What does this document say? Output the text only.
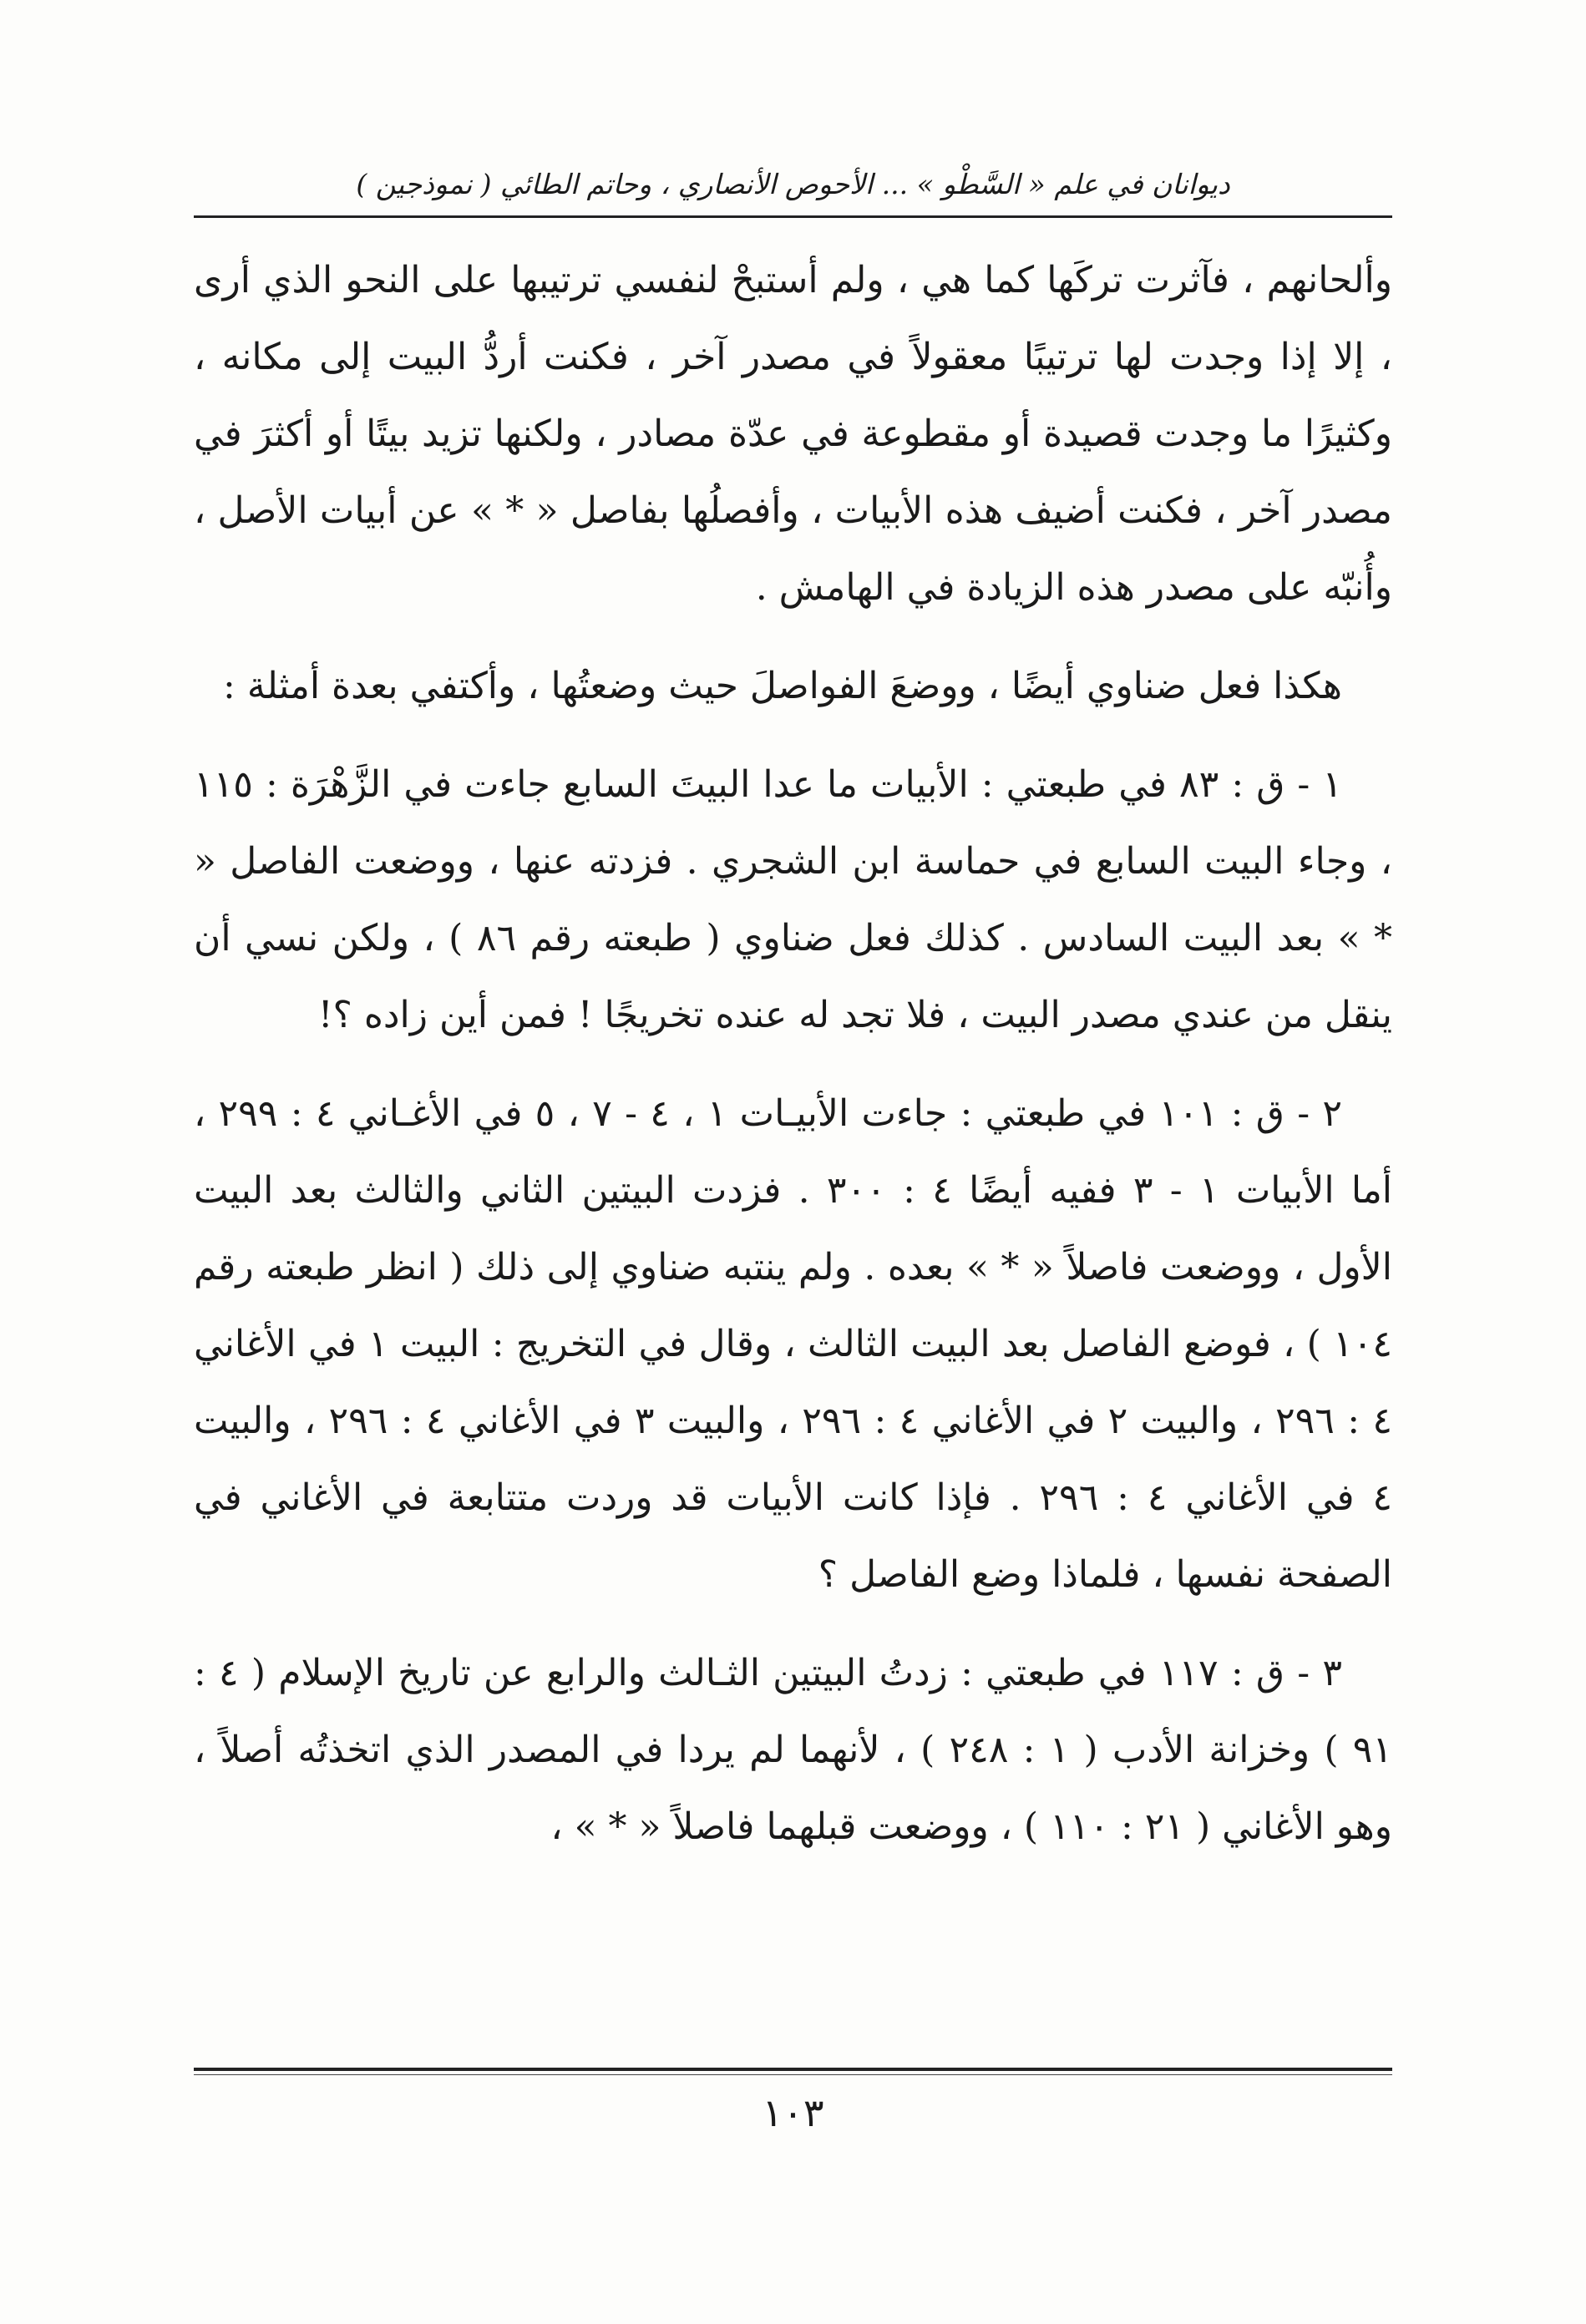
ديوانان في علم « السَّطْو » ... الأحوص الأنصاري ، وحاتم الطائي ( نموذجين )

وألحانهم ، فآثرت تركَها كما هي ، ولم أستبحْ لنفسي ترتيبها على النحو الذي أرى ، إلا إذا وجدت لها ترتيبًا معقولاً في مصدر آخر ، فكنت أردُّ البيت إلى مكانه ، وكثيرًا ما وجدت قصيدة أو مقطوعة في عدّة مصادر ، ولكنها تزيد بيتًا أو أكثرَ في مصدر آخر ، فكنت أضيف هذه الأبيات ، وأفصلُها بفاصل « * » عن أبيات الأصل ، وأُنبّه على مصدر هذه الزيادة في الهامش .

هكذا فعل ضناوي أيضًا ، ووضعَ الفواصلَ حيث وضعتُها ، وأكتفي بعدة أمثلة :

١ - ق : ٨٣ في طبعتي : الأبيات ما عدا البيتَ السابع جاءت في الزَّهْرَة : ١١٥ ، وجاء البيت السابع في حماسة ابن الشجري . فزدته عنها ، ووضعت الفاصل « * » بعد البيت السادس . كذلك فعل ضناوي ( طبعته رقم ٨٦ ) ، ولكن نسي أن ينقل من عندي مصدر البيت ، فلا تجد له عنده تخريجًا ! فمن أين زاده ؟!

٢ - ق : ١٠١ في طبعتي : جاءت الأبيـات ١ ، ٤ - ٧ ، ٥ في الأغـاني ٤ : ٢٩٩ ، أما الأبيات ١ - ٣ ففيه أيضًا ٤ : ٣٠٠ . فزدت البيتين الثاني والثالث بعد البيت الأول ، ووضعت فاصلاً « * » بعده . ولم ينتبه ضناوي إلى ذلك ( انظر طبعته رقم ١٠٤ ) ، فوضع الفاصل بعد البيت الثالث ، وقال في التخريج : البيت ١ في الأغاني ٤ : ٢٩٦ ، والبيت ٢ في الأغاني ٤ : ٢٩٦ ، والبيت ٣ في الأغاني ٤ : ٢٩٦ ، والبيت ٤ في الأغاني ٤ : ٢٩٦ . فإذا كانت الأبيات قد وردت متتابعة في الأغاني في الصفحة نفسها ، فلماذا وضع الفاصل ؟

٣ - ق : ١١٧ في طبعتي : زدتُ البيتين الثـالث والرابع عن تاريخ الإسلام ( ٤ : ٩١ ) وخزانة الأدب ( ١ : ٢٤٨ ) ، لأنهما لم يردا في المصدر الذي اتخذتُه أصلاً ، وهو الأغاني ( ٢١ : ١١٠ ) ، ووضعت قبلهما فاصلاً « * » ،

١٠٣
